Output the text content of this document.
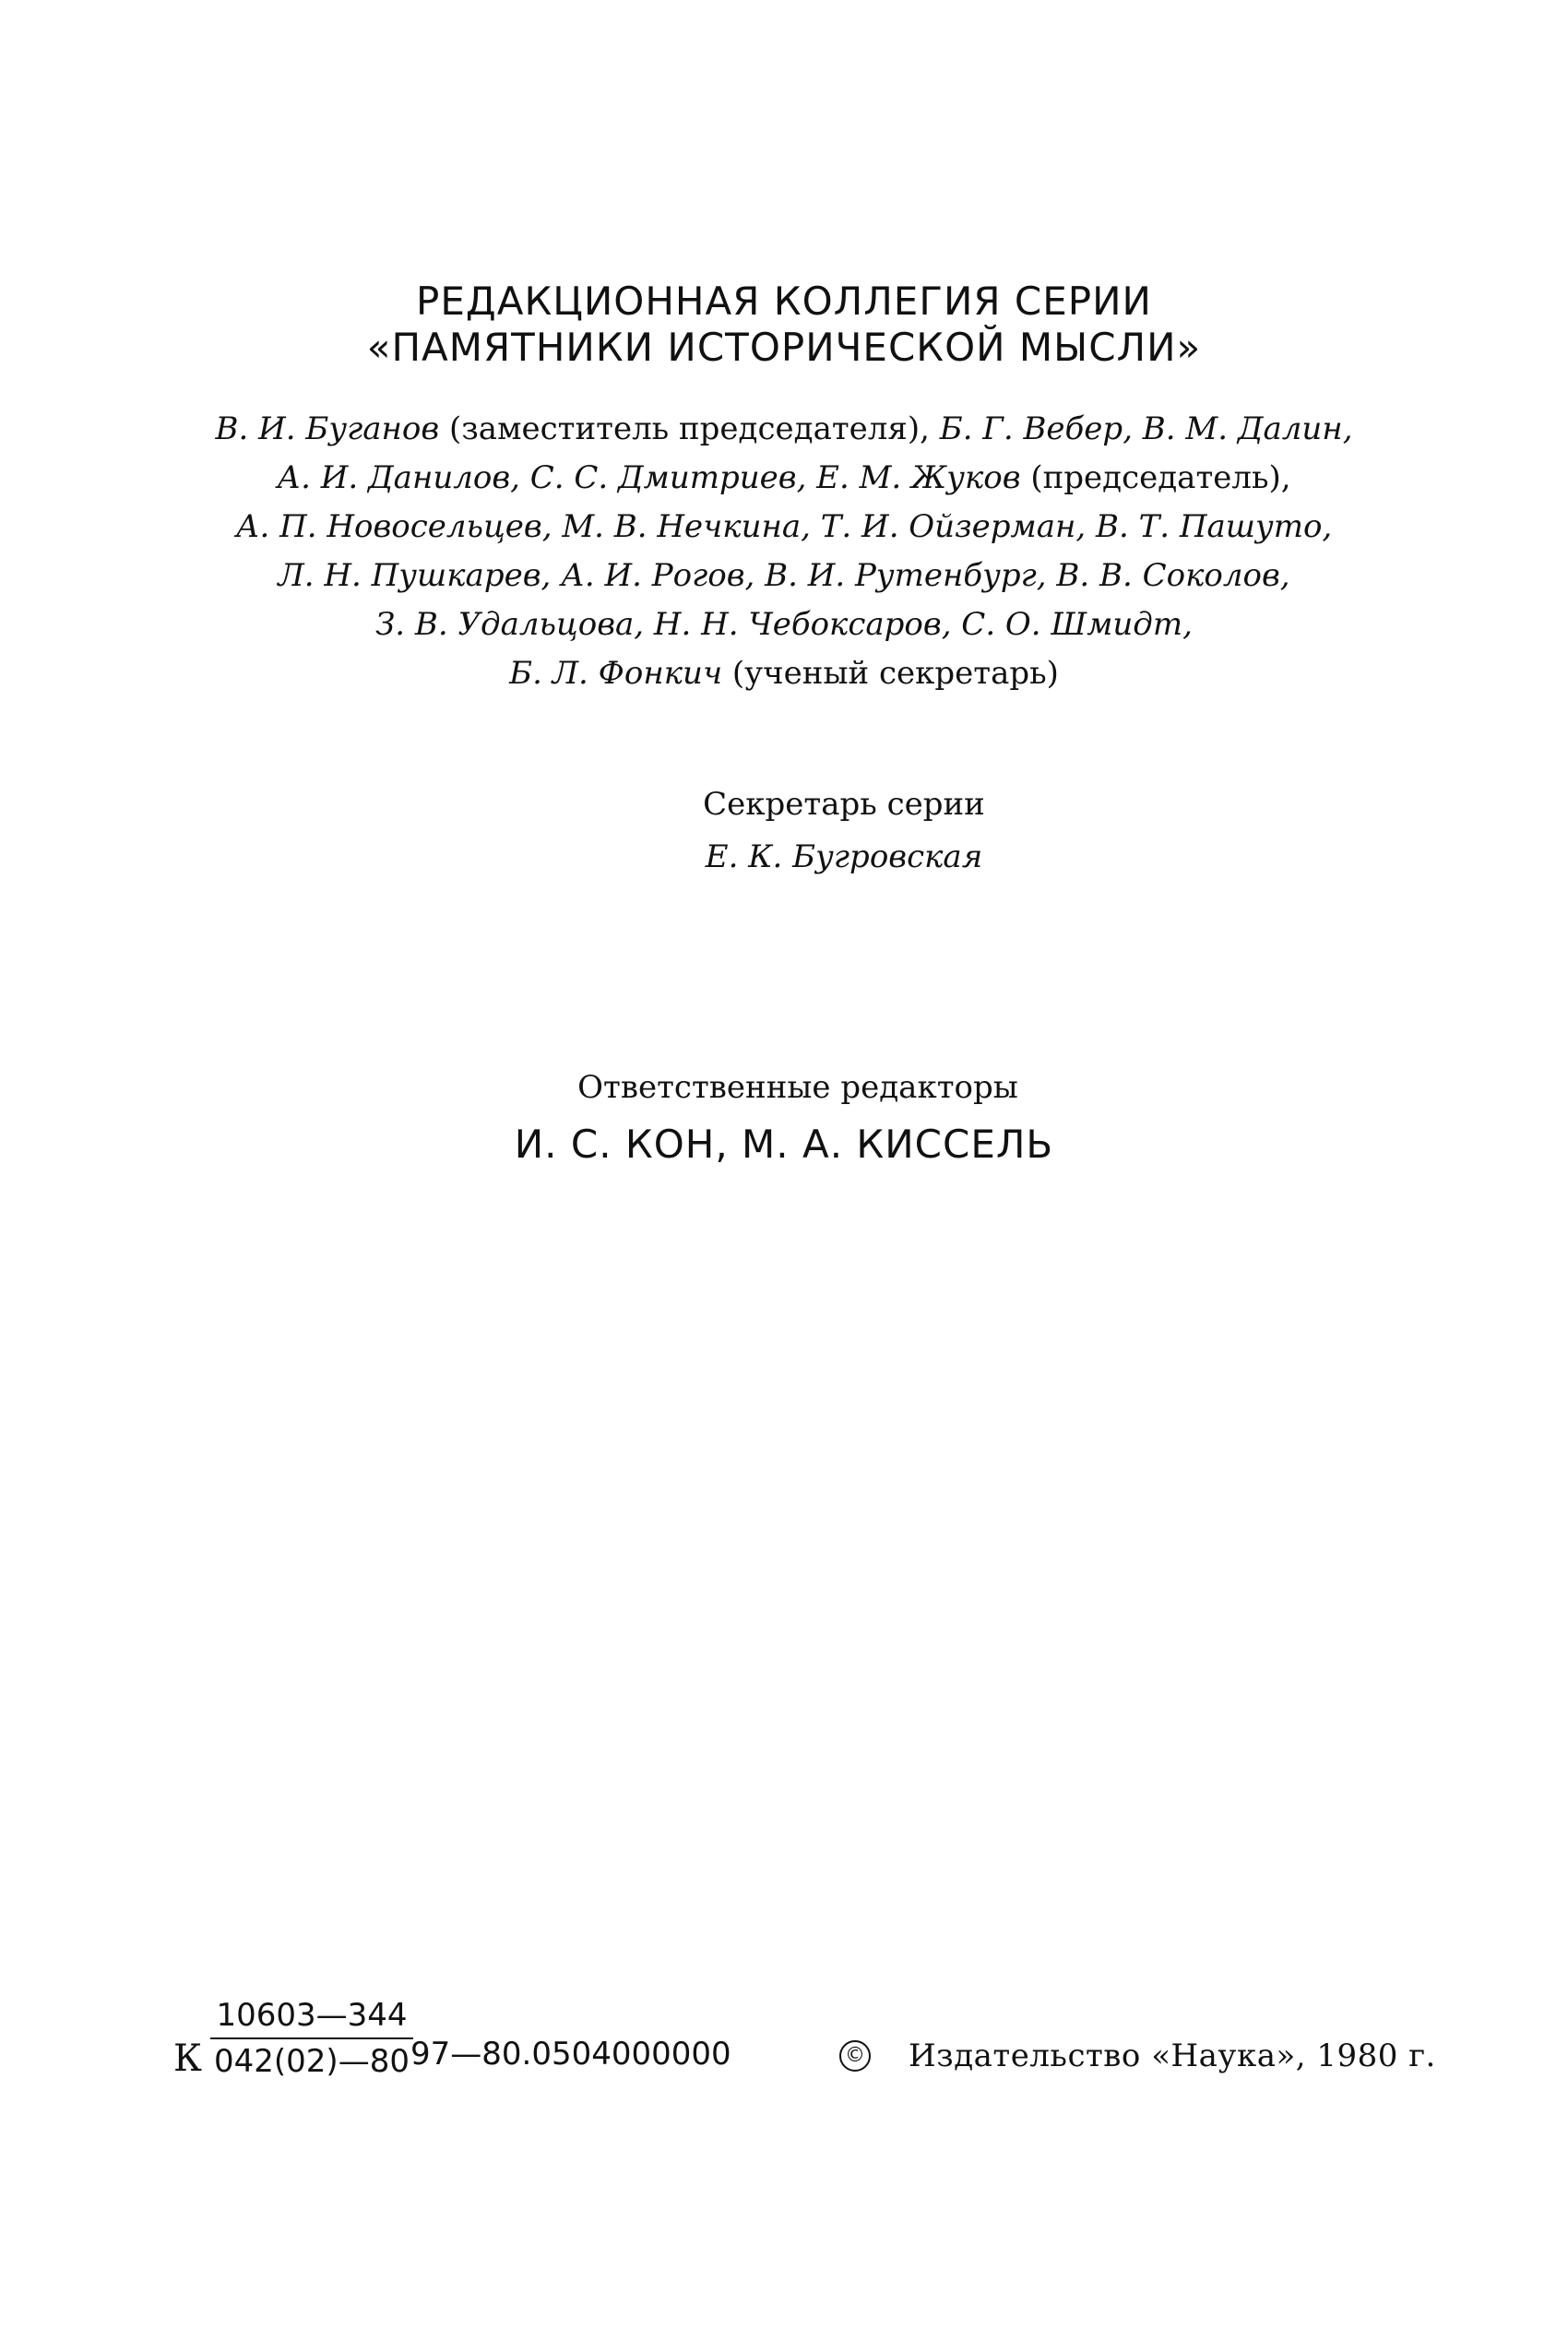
РЕДАКЦИОННАЯ КОЛЛЕГИЯ СЕРИИ
«ПАМЯТНИКИ ИСТОРИЧЕСКОЙ МЫСЛИ»
В. И. Буганов (заместитель председателя), Б. Г. Вебер, В. М. Далин,
А. И. Данилов, С. С. Дмитриев, Е. М. Жуков (председатель),
А. П. Новосельцев, М. В. Нечкина, Т. И. Ойзерман, В. Т. Пашуто,
Л. Н. Пушкарев, А. И. Рогов, В. И. Рутенбург, В. В. Соколов,
З. В. Удальцова, Н. Н. Чебоксаров, С. О. Шмидт,
Б. Л. Фонкич (ученый секретарь)
Секретарь серии
Е. К. Бугровская
Ответственные редакторы
И. С. КОН, М. А. КИССЕЛЬ
К $\frac{10603—344}{042(02)—80}$
97—80.0504000000	© Издательство «Наука», 1980 г.
